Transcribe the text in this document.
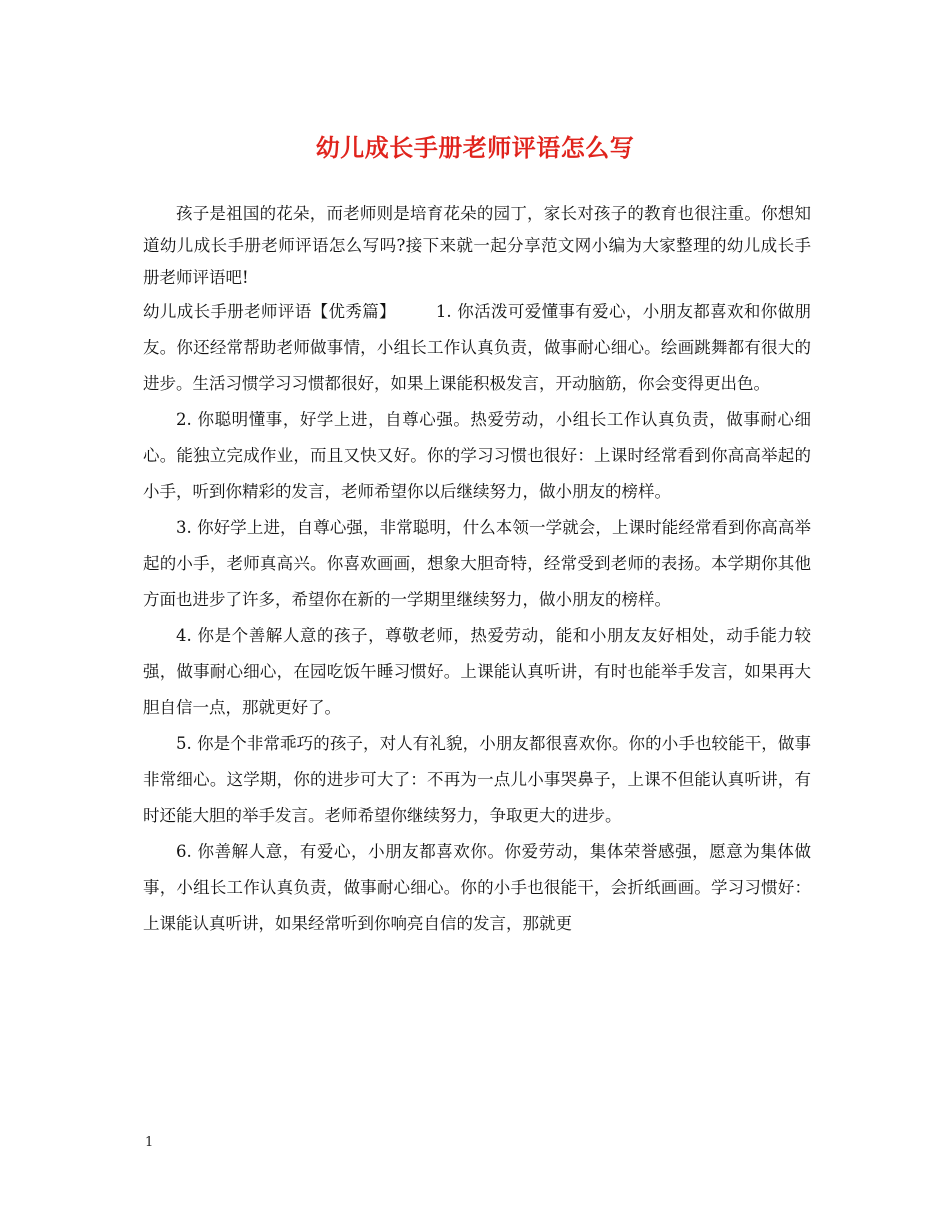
幼儿成长手册老师评语怎么写

孩子是祖国的花朵，而老师则是培育花朵的园丁，家长对孩子的教育也很注重。你想知道幼儿成长手册老师评语怎么写吗?接下来就一起分享范文网小编为大家整理的幼儿成长手册老师评语吧!

幼儿成长手册老师评语【优秀篇】 1. 你活泼可爱懂事有爱心，小朋友都喜欢和你做朋友。你还经常帮助老师做事情，小组长工作认真负责，做事耐心细心。绘画跳舞都有很大的进步。生活习惯学习习惯都很好，如果上课能积极发言，开动脑筋，你会变得更出色。

2. 你聪明懂事，好学上进，自尊心强。热爱劳动，小组长工作认真负责，做事耐心细心。能独立完成作业，而且又快又好。你的学习习惯也很好：上课时经常看到你高高举起的小手，听到你精彩的发言，老师希望你以后继续努力，做小朋友的榜样。

3. 你好学上进，自尊心强，非常聪明，什么本领一学就会，上课时能经常看到你高高举起的小手，老师真高兴。你喜欢画画，想象大胆奇特，经常受到老师的表扬。本学期你其他方面也进步了许多，希望你在新的一学期里继续努力，做小朋友的榜样。

4. 你是个善解人意的孩子，尊敬老师，热爱劳动，能和小朋友友好相处，动手能力较强，做事耐心细心，在园吃饭午睡习惯好。上课能认真听讲，有时也能举手发言，如果再大胆自信一点，那就更好了。

5. 你是个非常乖巧的孩子，对人有礼貌，小朋友都很喜欢你。你的小手也较能干，做事非常细心。这学期，你的进步可大了：不再为一点儿小事哭鼻子，上课不但能认真听讲，有时还能大胆的举手发言。老师希望你继续努力，争取更大的进步。

6. 你善解人意，有爱心，小朋友都喜欢你。你爱劳动，集体荣誉感强，愿意为集体做事，小组长工作认真负责，做事耐心细心。你的小手也很能干，会折纸画画。学习习惯好：上课能认真听讲，如果经常听到你响亮自信的发言，那就更

1
